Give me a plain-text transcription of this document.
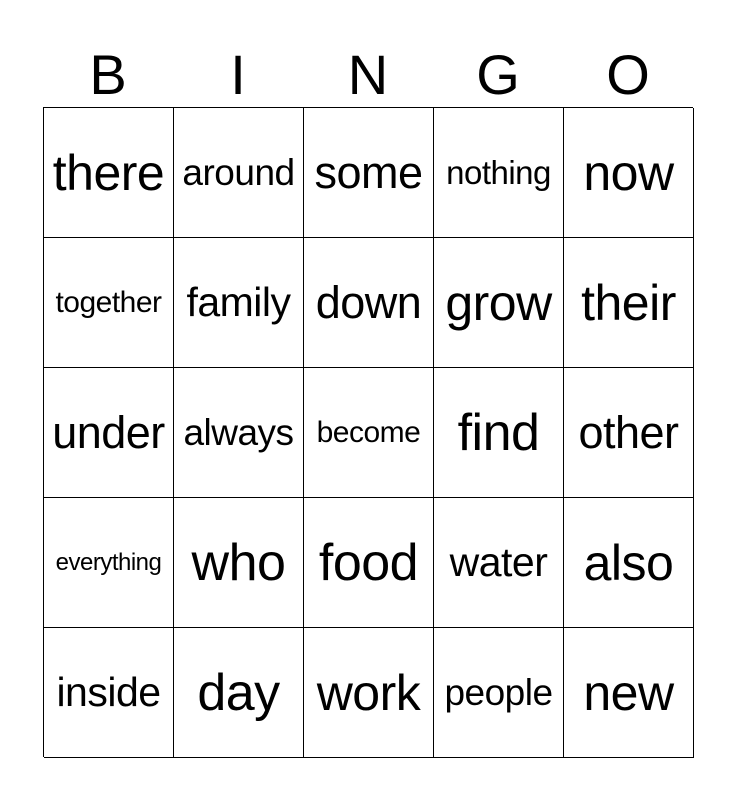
B	I	N	G	O
there around some nothing now
together family down grow their
under always become find other
everything who food water also
inside day work people new
